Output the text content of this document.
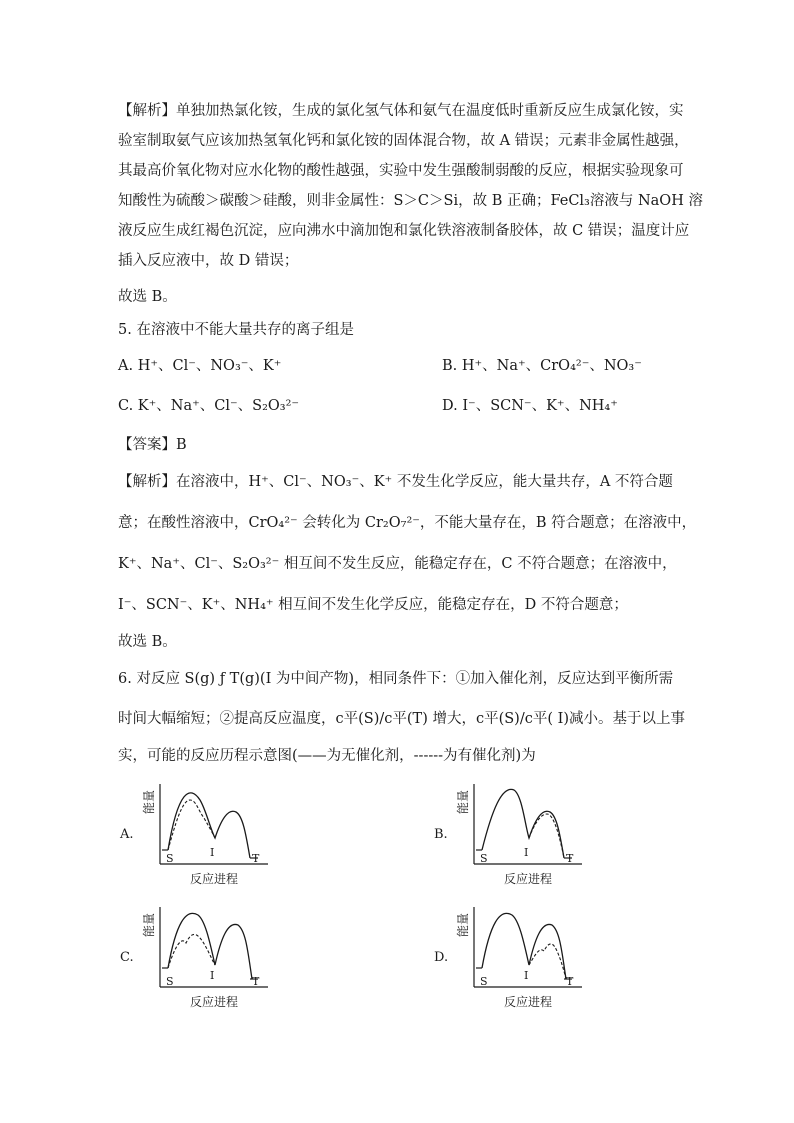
【解析】单独加热氯化铵，生成的氯化氢气体和氨气在温度低时重新反应生成氯化铵，实
验室制取氨气应该加热氢氧化钙和氯化铵的固体混合物，故 A 错误；元素非金属性越强，
其最高价氧化物对应水化物的酸性越强，实验中发生强酸制弱酸的反应，根据实验现象可
知酸性为硫酸＞碳酸＞硅酸，则非金属性：S＞C＞Si，故 B 正确；FeCl₃溶液与 NaOH 溶
液反应生成红褐色沉淀，应向沸水中滴加饱和氯化铁溶液制备胶体，故 C 错误；温度计应
插入反应液中，故 D 错误；
故选 B。
5. 在溶液中不能大量共存的离子组是
A. H⁺、Cl⁻、NO₃⁻、K⁺	B. H⁺、Na⁺、CrO₄²⁻、NO₃⁻
C. K⁺、Na⁺、Cl⁻、S₂O₃²⁻	D. I⁻、SCN⁻、K⁺、NH₄⁺
【答案】B
【解析】在溶液中，H⁺、Cl⁻、NO₃⁻、K⁺ 不发生化学反应，能大量共存，A 不符合题
意；在酸性溶液中，CrO₄²⁻ 会转化为 Cr₂O₇²⁻，不能大量存在，B 符合题意；在溶液中，
K⁺、Na⁺、Cl⁻、S₂O₃²⁻ 相互间不发生反应，能稳定存在，C 不符合题意；在溶液中，
I⁻、SCN⁻、K⁺、NH₄⁺ 相互间不发生化学反应，能稳定存在，D 不符合题意；
故选 B。
6. 对反应 S(g) ƒ T(g)(I 为中间产物)，相同条件下：①加入催化剂，反应达到平衡所需
时间大幅缩短；②提高反应温度，c平(S)/c平(T) 增大，c平(S)/c平( I)减小。基于以上事
实，可能的反应历程示意图(——为无催化剂，------为有催化剂)为
A.
能量
S	I	T
反应进程
B.
能量
S	I	T
反应进程
C.
能量
S	I	T
反应进程
D.
能量
S	I	T
反应进程
